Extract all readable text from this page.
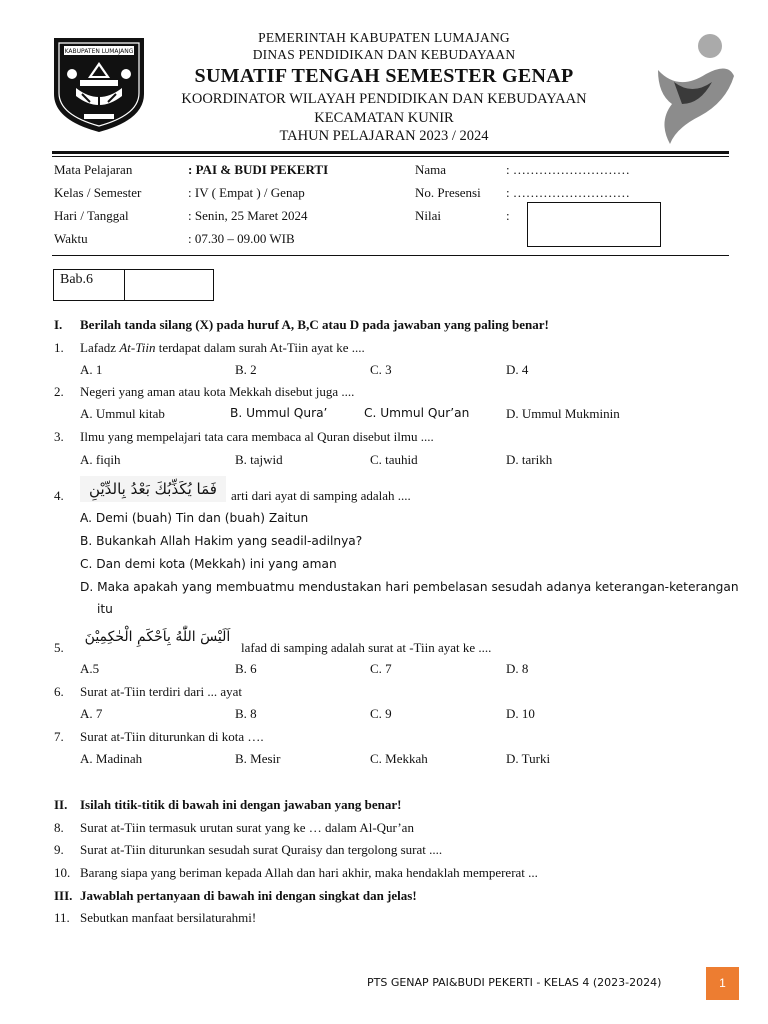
KABUPATEN LUMAJANG
PEMERINTAH KABUPATEN LUMAJANG
DINAS PENDIDIKAN DAN KEBUDAYAAN
SUMATIF TENGAH SEMESTER GENAP
KOORDINATOR WILAYAH PENDIDIKAN DAN KEBUDAYAAN
KECAMATAN KUNIR
TAHUN PELAJARAN 2023 / 2024
Mata Pelajaran	: PAI & BUDI PEKERTI
Kelas / Semester	: IV ( Empat ) / Genap
Hari / Tanggal	: Senin, 25 Maret 2024
Waktu	: 07.30 – 09.00 WIB
Nama	: ………………………
No. Presensi : ………………………
Nilai	:
Bab.6
I. Berilah tanda silang (X) pada huruf A, B,C atau D pada jawaban yang paling benar!
1. Lafadz At-Tiin terdapat dalam surah At-Tiin ayat ke ....
A. 1	B. 2	C. 3	D. 4
2. Negeri yang aman atau kota Mekkah disebut juga ....
A. Ummul kitab	B. Ummul Qura’	C. Ummul Qur’an	D. Ummul Mukminin
3. Ilmu yang mempelajari tata cara membaca al Quran disebut ilmu ....
A. fiqih	B. tajwid	C. tauhid	D. tarikh
4.	فَمَا يُكَذِّبُكَ بَعْدُ بِالدِّيْنِ	arti dari ayat di samping adalah ....
A. Demi (buah) Tin dan (buah) Zaitun
B. Bukankah Allah Hakim yang seadil-adilnya?
C. Dan demi kota (Mekkah) ini yang aman
D. Maka apakah yang membuatmu mendustakan hari pembelasan sesudah adanya keterangan-keterangan
itu
5.
اَلَيْسَ اللّٰهُ بِاَحْكَمِ الْحٰكِمِيْنَ
lafad di samping adalah surat at -Tiin ayat ke ....
A.5	B. 6	C. 7	D. 8
6. Surat at-Tiin terdiri dari ... ayat
A. 7	B. 8	C. 9	D. 10
7. Surat at-Tiin diturunkan di kota ….
A. Madinah	B. Mesir	C. Mekkah	D. Turki
II. Isilah titik-titik di bawah ini dengan jawaban yang benar!
8. Surat at-Tiin termasuk urutan surat yang ke … dalam Al-Qur’an
9. Surat at-Tiin diturunkan sesudah surat Quraisy dan tergolong surat ....
10. Barang siapa yang beriman kepada Allah dan hari akhir, maka hendaklah mempererat ...
III. Jawablah pertanyaan di bawah ini dengan singkat dan jelas!
11. Sebutkan manfaat bersilaturahmi!
PTS GENAP PAI&BUDI PEKERTI - KELAS 4 (2023-2024)	1
